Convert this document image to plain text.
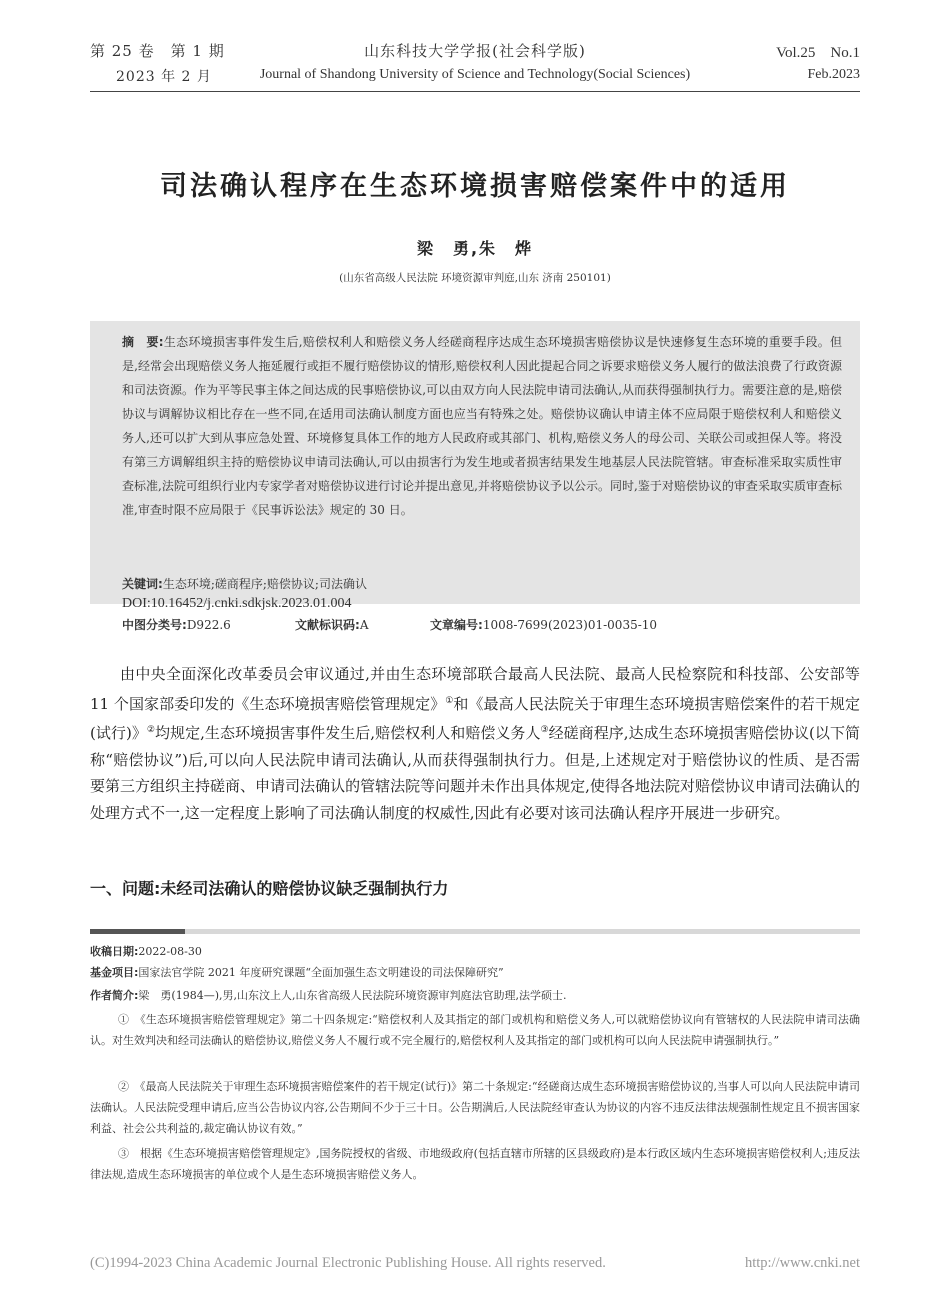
第 25 卷　第 1 期	山东科技大学学报(社会科学版)	Vol.25　No.1
2023 年 2 月	Journal of Shandong University of Science and Technology(Social Sciences)	Feb.2023
司法确认程序在生态环境损害赔偿案件中的适用
梁　勇,朱　烨
(山东省高级人民法院 环境资源审判庭,山东 济南 250101)
摘　要:生态环境损害事件发生后,赔偿权利人和赔偿义务人经磋商程序达成生态环境损害赔偿协议是快速修复生态环境的重要手段。但是,经常会出现赔偿义务人拖延履行或拒不履行赔偿协议的情形,赔偿权利人因此提起合同之诉要求赔偿义务人履行的做法浪费了行政资源和司法资源。作为平等民事主体之间达成的民事赔偿协议,可以由双方向人民法院申请司法确认,从而获得强制执行力。需要注意的是,赔偿协议与调解协议相比存在一些不同,在适用司法确认制度方面也应当有特殊之处。赔偿协议确认申请主体不应局限于赔偿权利人和赔偿义务人,还可以扩大到从事应急处置、环境修复具体工作的地方人民政府或其部门、机构,赔偿义务人的母公司、关联公司或担保人等。将没有第三方调解组织主持的赔偿协议申请司法确认,可以由损害行为发生地或者损害结果发生地基层人民法院管辖。审查标准采取实质性审查标准,法院可组织行业内专家学者对赔偿协议进行讨论并提出意见,并将赔偿协议予以公示。同时,鉴于对赔偿协议的审查采取实质审查标准,审查时限不应局限于《民事诉讼法》规定的 30 日。
关键词:生态环境;磋商程序;赔偿协议;司法确认
DOI:10.16452/j.cnki.sdkjsk.2023.01.004
中图分类号:D922.6	文献标识码:A	文章编号:1008-7699(2023)01-0035-10
由中央全面深化改革委员会审议通过,并由生态环境部联合最高人民法院、最高人民检察院和科技部、公安部等 11 个国家部委印发的《生态环境损害赔偿管理规定》①和《最高人民法院关于审理生态环境损害赔偿案件的若干规定(试行)》②均规定,生态环境损害事件发生后,赔偿权利人和赔偿义务人③经磋商程序,达成生态环境损害赔偿协议(以下简称“赔偿协议”)后,可以向人民法院申请司法确认,从而获得强制执行力。但是,上述规定对于赔偿协议的性质、是否需要第三方组织主持磋商、申请司法确认的管辖法院等问题并未作出具体规定,使得各地法院对赔偿协议申请司法确认的处理方式不一,这一定程度上影响了司法确认制度的权威性,因此有必要对该司法确认程序开展进一步研究。
一、问题:未经司法确认的赔偿协议缺乏强制执行力
收稿日期:2022-08-30
基金项目:国家法官学院 2021 年度研究课题“全面加强生态文明建设的司法保障研究”
作者简介:梁　勇(1984—),男,山东汶上人,山东省高级人民法院环境资源审判庭法官助理,法学硕士.
①　《生态环境损害赔偿管理规定》第二十四条规定:“赔偿权利人及其指定的部门或机构和赔偿义务人,可以就赔偿协议向有管辖权的人民法院申请司法确认。对生效判决和经司法确认的赔偿协议,赔偿义务人不履行或不完全履行的,赔偿权利人及其指定的部门或机构可以向人民法院申请强制执行。”
②　《最高人民法院关于审理生态环境损害赔偿案件的若干规定(试行)》第二十条规定:“经磋商达成生态环境损害赔偿协议的,当事人可以向人民法院申请司法确认。人民法院受理申请后,应当公告协议内容,公告期间不少于三十日。公告期满后,人民法院经审查认为协议的内容不违反法律法规强制性规定且不损害国家利益、社会公共利益的,裁定确认协议有效。”
③　根据《生态环境损害赔偿管理规定》,国务院授权的省级、市地级政府(包括直辖市所辖的区县级政府)是本行政区域内生态环境损害赔偿权利人;违反法律法规,造成生态环境损害的单位或个人是生态环境损害赔偿义务人。
(C)1994-2023 China Academic Journal Electronic Publishing House. All rights reserved.	http://www.cnki.net
